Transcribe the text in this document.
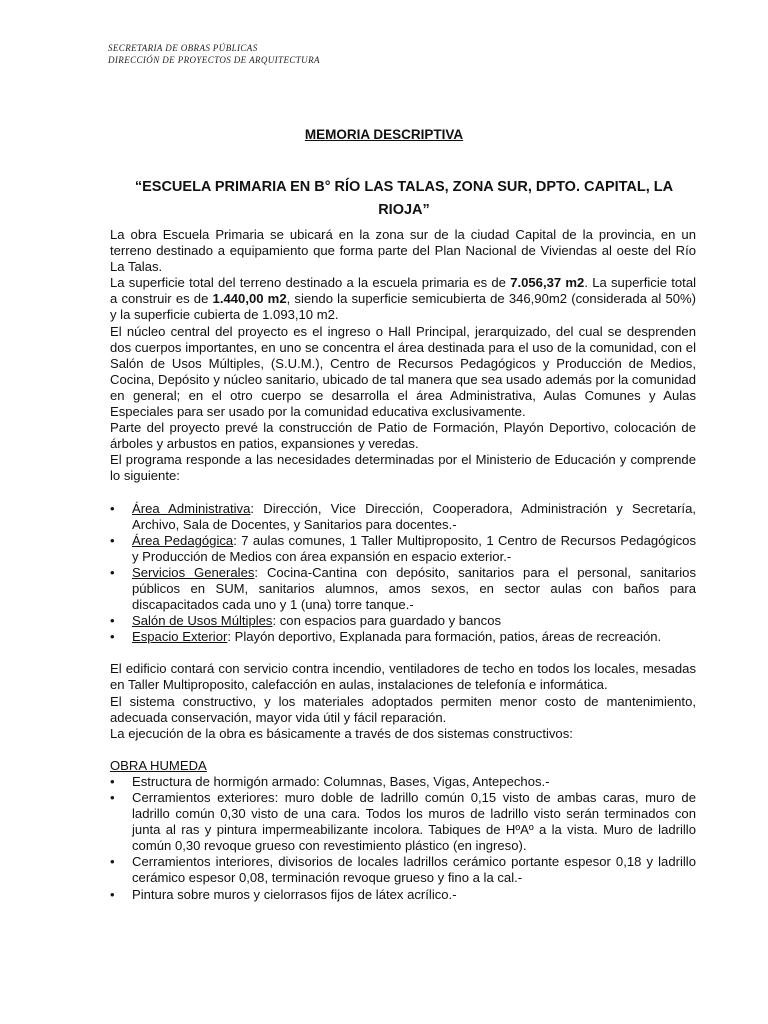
SECRETARIA DE OBRAS PÚBLICAS
DIRECCIÓN DE PROYECTOS DE ARQUITECTURA
MEMORIA DESCRIPTIVA
“ESCUELA PRIMARIA EN B° RÍO LAS TALAS, ZONA SUR, DPTO. CAPITAL, LA RIOJA”

La obra Escuela Primaria se ubicará en la zona sur de la ciudad Capital de la provincia, en un terreno destinado a equipamiento que forma parte del Plan Nacional de Viviendas al oeste del Río La Talas.

La superficie total del terreno destinado a la escuela primaria es de 7.056,37 m2. La superficie total a construir es de 1.440,00 m2, siendo la superficie semicubierta de 346,90m2 (considerada al 50%) y la superficie cubierta de 1.093,10 m2.

El núcleo central del proyecto es el ingreso o Hall Principal, jerarquizado, del cual se desprenden dos cuerpos importantes, en uno se concentra el área destinada para el uso de la comunidad, con el Salón de Usos Múltiples, (S.U.M.), Centro de Recursos Pedagógicos y Producción de Medios, Cocina, Depósito y núcleo sanitario, ubicado de tal manera que sea usado además por la comunidad en general; en el otro cuerpo se desarrolla el área Administrativa, Aulas Comunes y Aulas Especiales para ser usado por la comunidad educativa exclusivamente.

Parte del proyecto prevé la construcción de Patio de Formación, Playón Deportivo, colocación de árboles y arbustos en patios, expansiones y veredas.

El programa responde a las necesidades determinadas por el Ministerio de Educación y comprende lo siguiente:

• Área Administrativa: Dirección, Vice Dirección, Cooperadora, Administración y Secretaría, Archivo, Sala de Docentes, y Sanitarios para docentes.-
• Área Pedagógica: 7 aulas comunes, 1 Taller Multiproposito, 1 Centro de Recursos Pedagógicos y Producción de Medios con área expansión en espacio exterior.-
• Servicios Generales: Cocina-Cantina con depósito, sanitarios para el personal, sanitarios públicos en SUM, sanitarios alumnos, amos sexos, en sector aulas con baños para discapacitados cada uno y 1 (una) torre tanque.-
• Salón de Usos Múltiples: con espacios para guardado y bancos
• Espacio Exterior: Playón deportivo, Explanada para formación, patios, áreas de recreación.

El edificio contará con servicio contra incendio, ventiladores de techo en todos los locales, mesadas en Taller Multiproposito, calefacción en aulas, instalaciones de telefonía e informática.

El sistema constructivo, y los materiales adoptados permiten menor costo de mantenimiento, adecuada conservación, mayor vida útil y fácil reparación.

La ejecución de la obra es básicamente a través de dos sistemas constructivos:

OBRA HUMEDA

• Estructura de hormigón armado: Columnas, Bases, Vigas, Antepechos.-
• Cerramientos exteriores: muro doble de ladrillo común 0,15 visto de ambas caras, muro de ladrillo común 0,30 visto de una cara. Todos los muros de ladrillo visto serán terminados con junta al ras y pintura impermeabilizante incolora. Tabiques de HºAº a la vista. Muro de ladrillo común 0,30 revoque grueso con revestimiento plástico (en ingreso).
• Cerramientos interiores, divisorios de locales ladrillos cerámico portante espesor 0,18 y ladrillo cerámico espesor 0,08, terminación revoque grueso y fino a la cal.-
• Pintura sobre muros y cielorrasos fijos de látex acrílico.-
